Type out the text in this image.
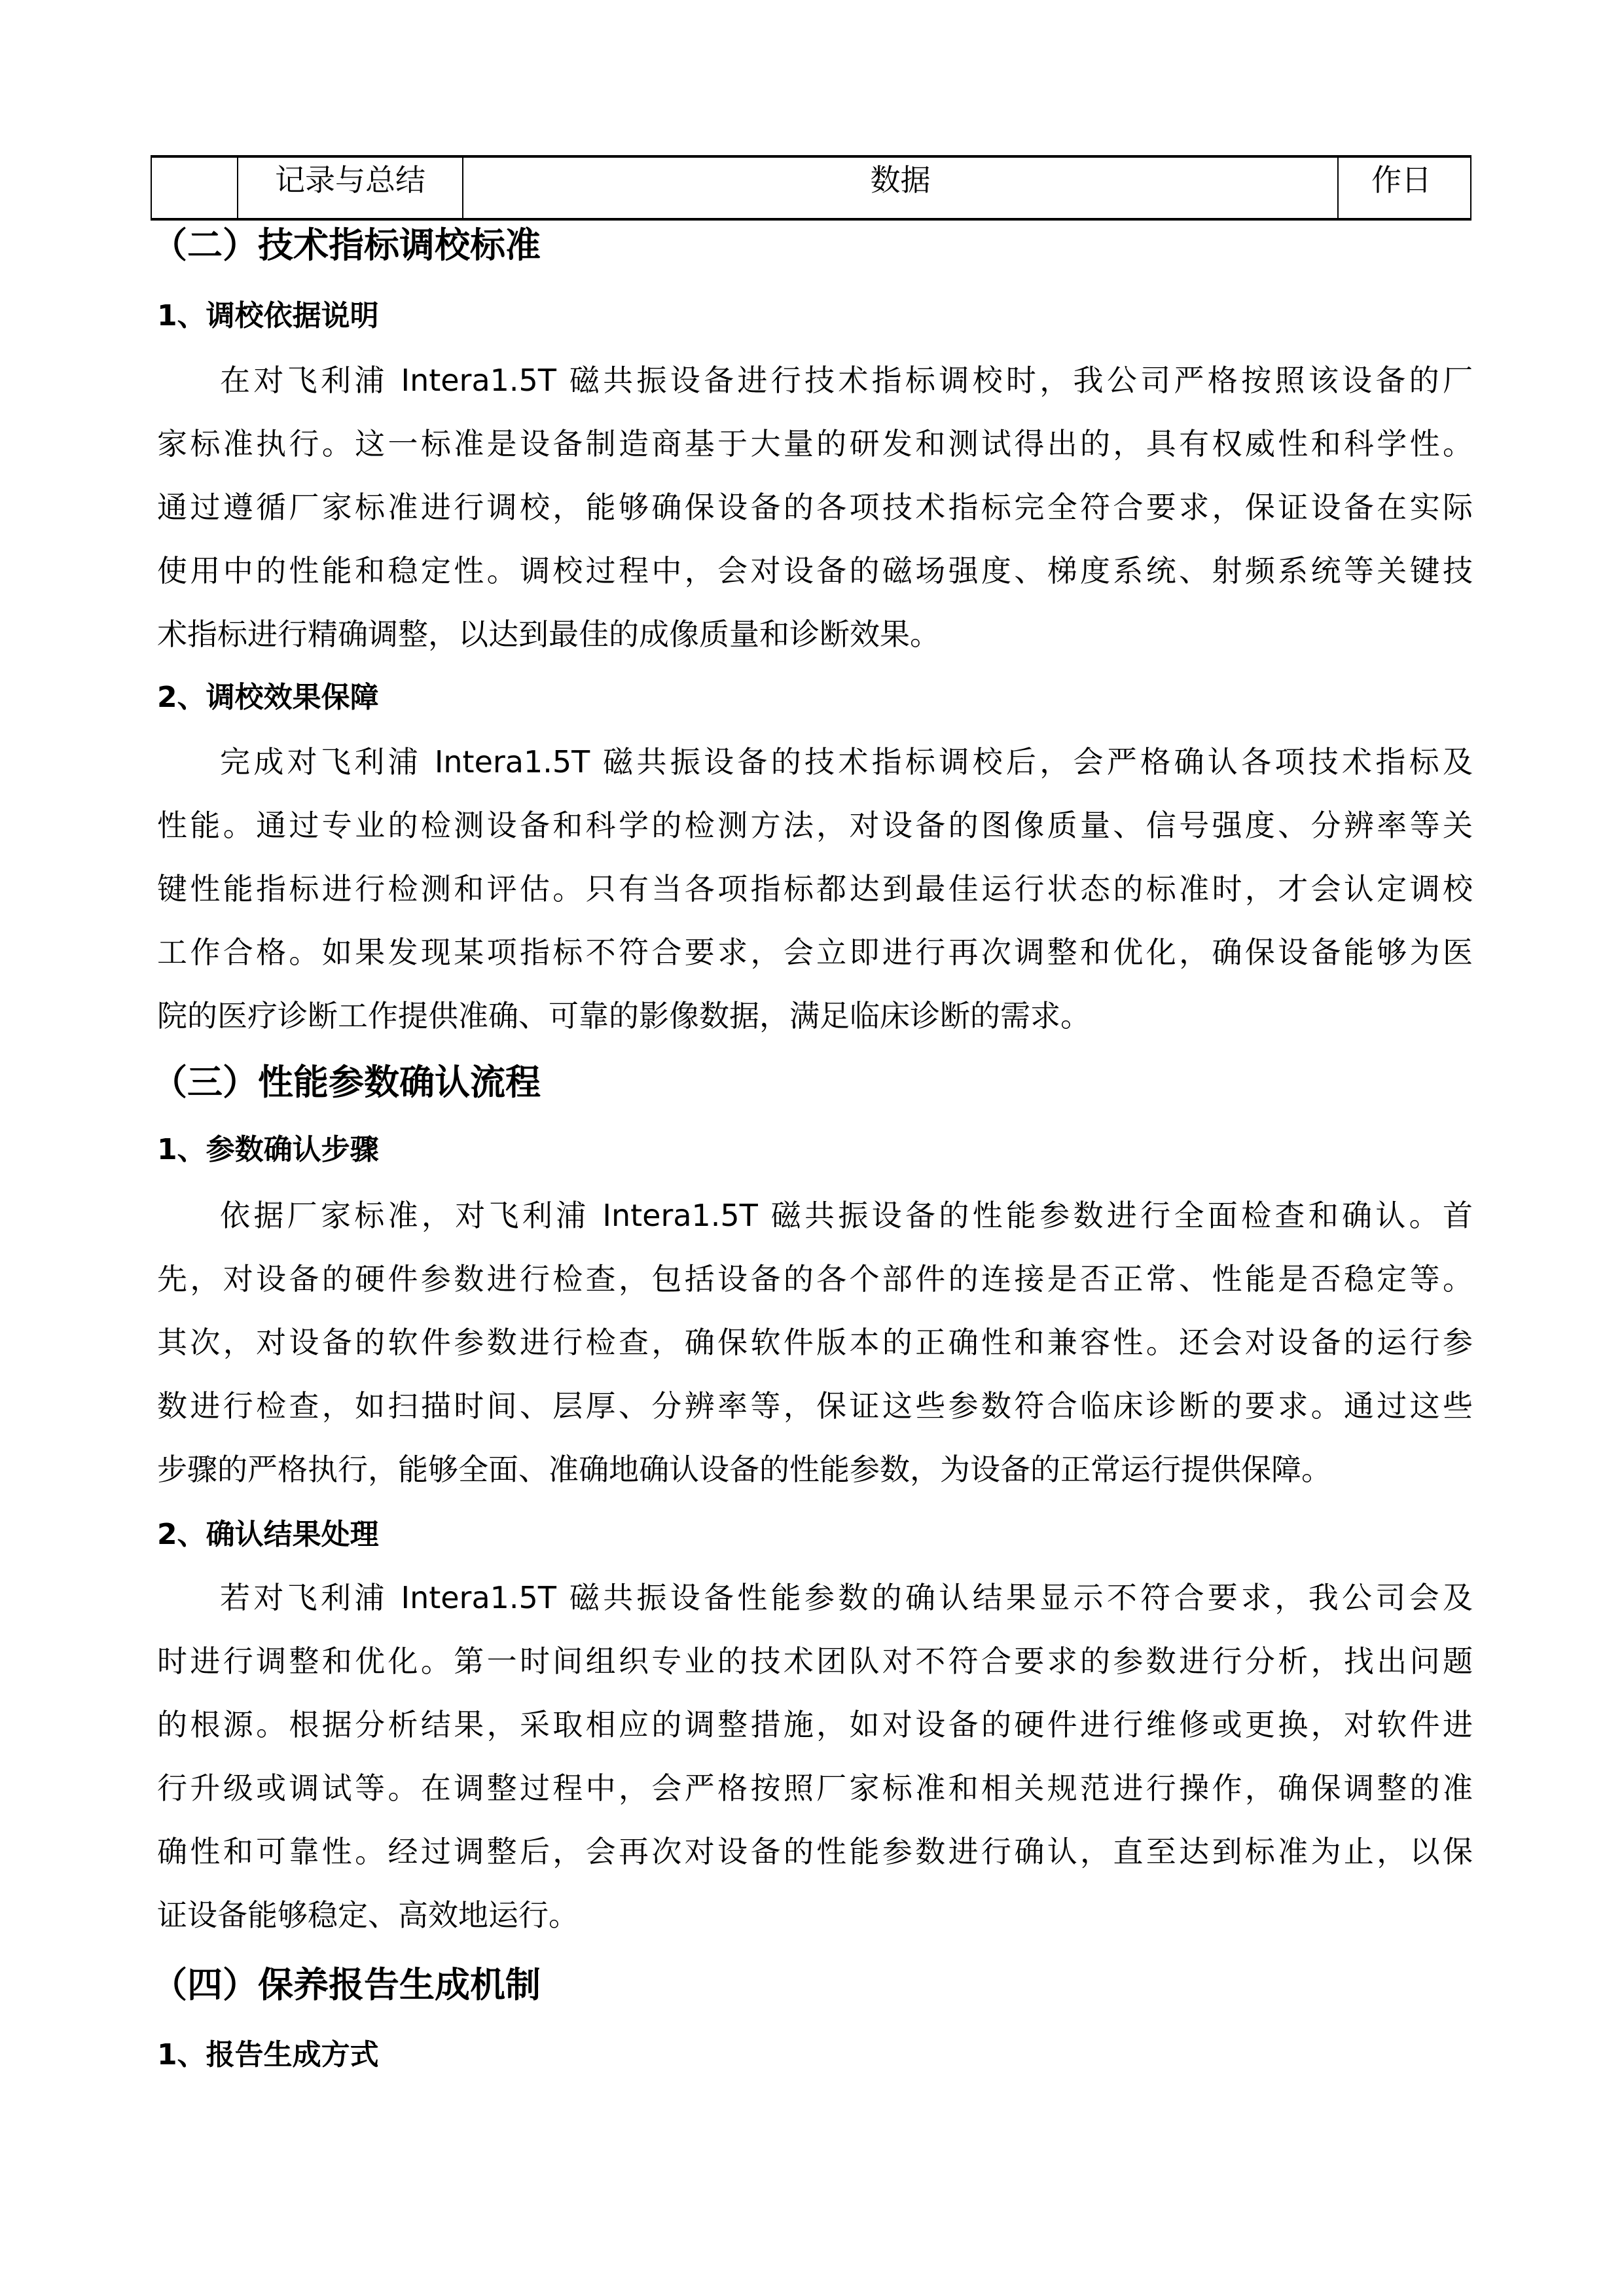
记录与总结	数据	作日
（二）技术指标调校标准
1、调校依据说明
在对飞利浦 Intera1.5T 磁共振设备进行技术指标调校时，我公司严格按照该设备的厂
家标准执行。这一标准是设备制造商基于大量的研发和测试得出的，具有权威性和科学性。
通过遵循厂家标准进行调校，能够确保设备的各项技术指标完全符合要求，保证设备在实际
使用中的性能和稳定性。调校过程中，会对设备的磁场强度、梯度系统、射频系统等关键技
术指标进行精确调整，以达到最佳的成像质量和诊断效果。
2、调校效果保障
完成对飞利浦 Intera1.5T 磁共振设备的技术指标调校后，会严格确认各项技术指标及
性能。通过专业的检测设备和科学的检测方法，对设备的图像质量、信号强度、分辨率等关
键性能指标进行检测和评估。只有当各项指标都达到最佳运行状态的标准时，才会认定调校
工作合格。如果发现某项指标不符合要求，会立即进行再次调整和优化，确保设备能够为医
院的医疗诊断工作提供准确、可靠的影像数据，满足临床诊断的需求。
（三）性能参数确认流程
1、参数确认步骤
依据厂家标准，对飞利浦 Intera1.5T 磁共振设备的性能参数进行全面检查和确认。首
先，对设备的硬件参数进行检查，包括设备的各个部件的连接是否正常、性能是否稳定等。
其次，对设备的软件参数进行检查，确保软件版本的正确性和兼容性。还会对设备的运行参
数进行检查，如扫描时间、层厚、分辨率等，保证这些参数符合临床诊断的要求。通过这些
步骤的严格执行，能够全面、准确地确认设备的性能参数，为设备的正常运行提供保障。
2、确认结果处理
若对飞利浦 Intera1.5T 磁共振设备性能参数的确认结果显示不符合要求，我公司会及
时进行调整和优化。第一时间组织专业的技术团队对不符合要求的参数进行分析，找出问题
的根源。根据分析结果，采取相应的调整措施，如对设备的硬件进行维修或更换，对软件进
行升级或调试等。在调整过程中，会严格按照厂家标准和相关规范进行操作，确保调整的准
确性和可靠性。经过调整后，会再次对设备的性能参数进行确认，直至达到标准为止，以保
证设备能够稳定、高效地运行。
（四）保养报告生成机制
1、报告生成方式
